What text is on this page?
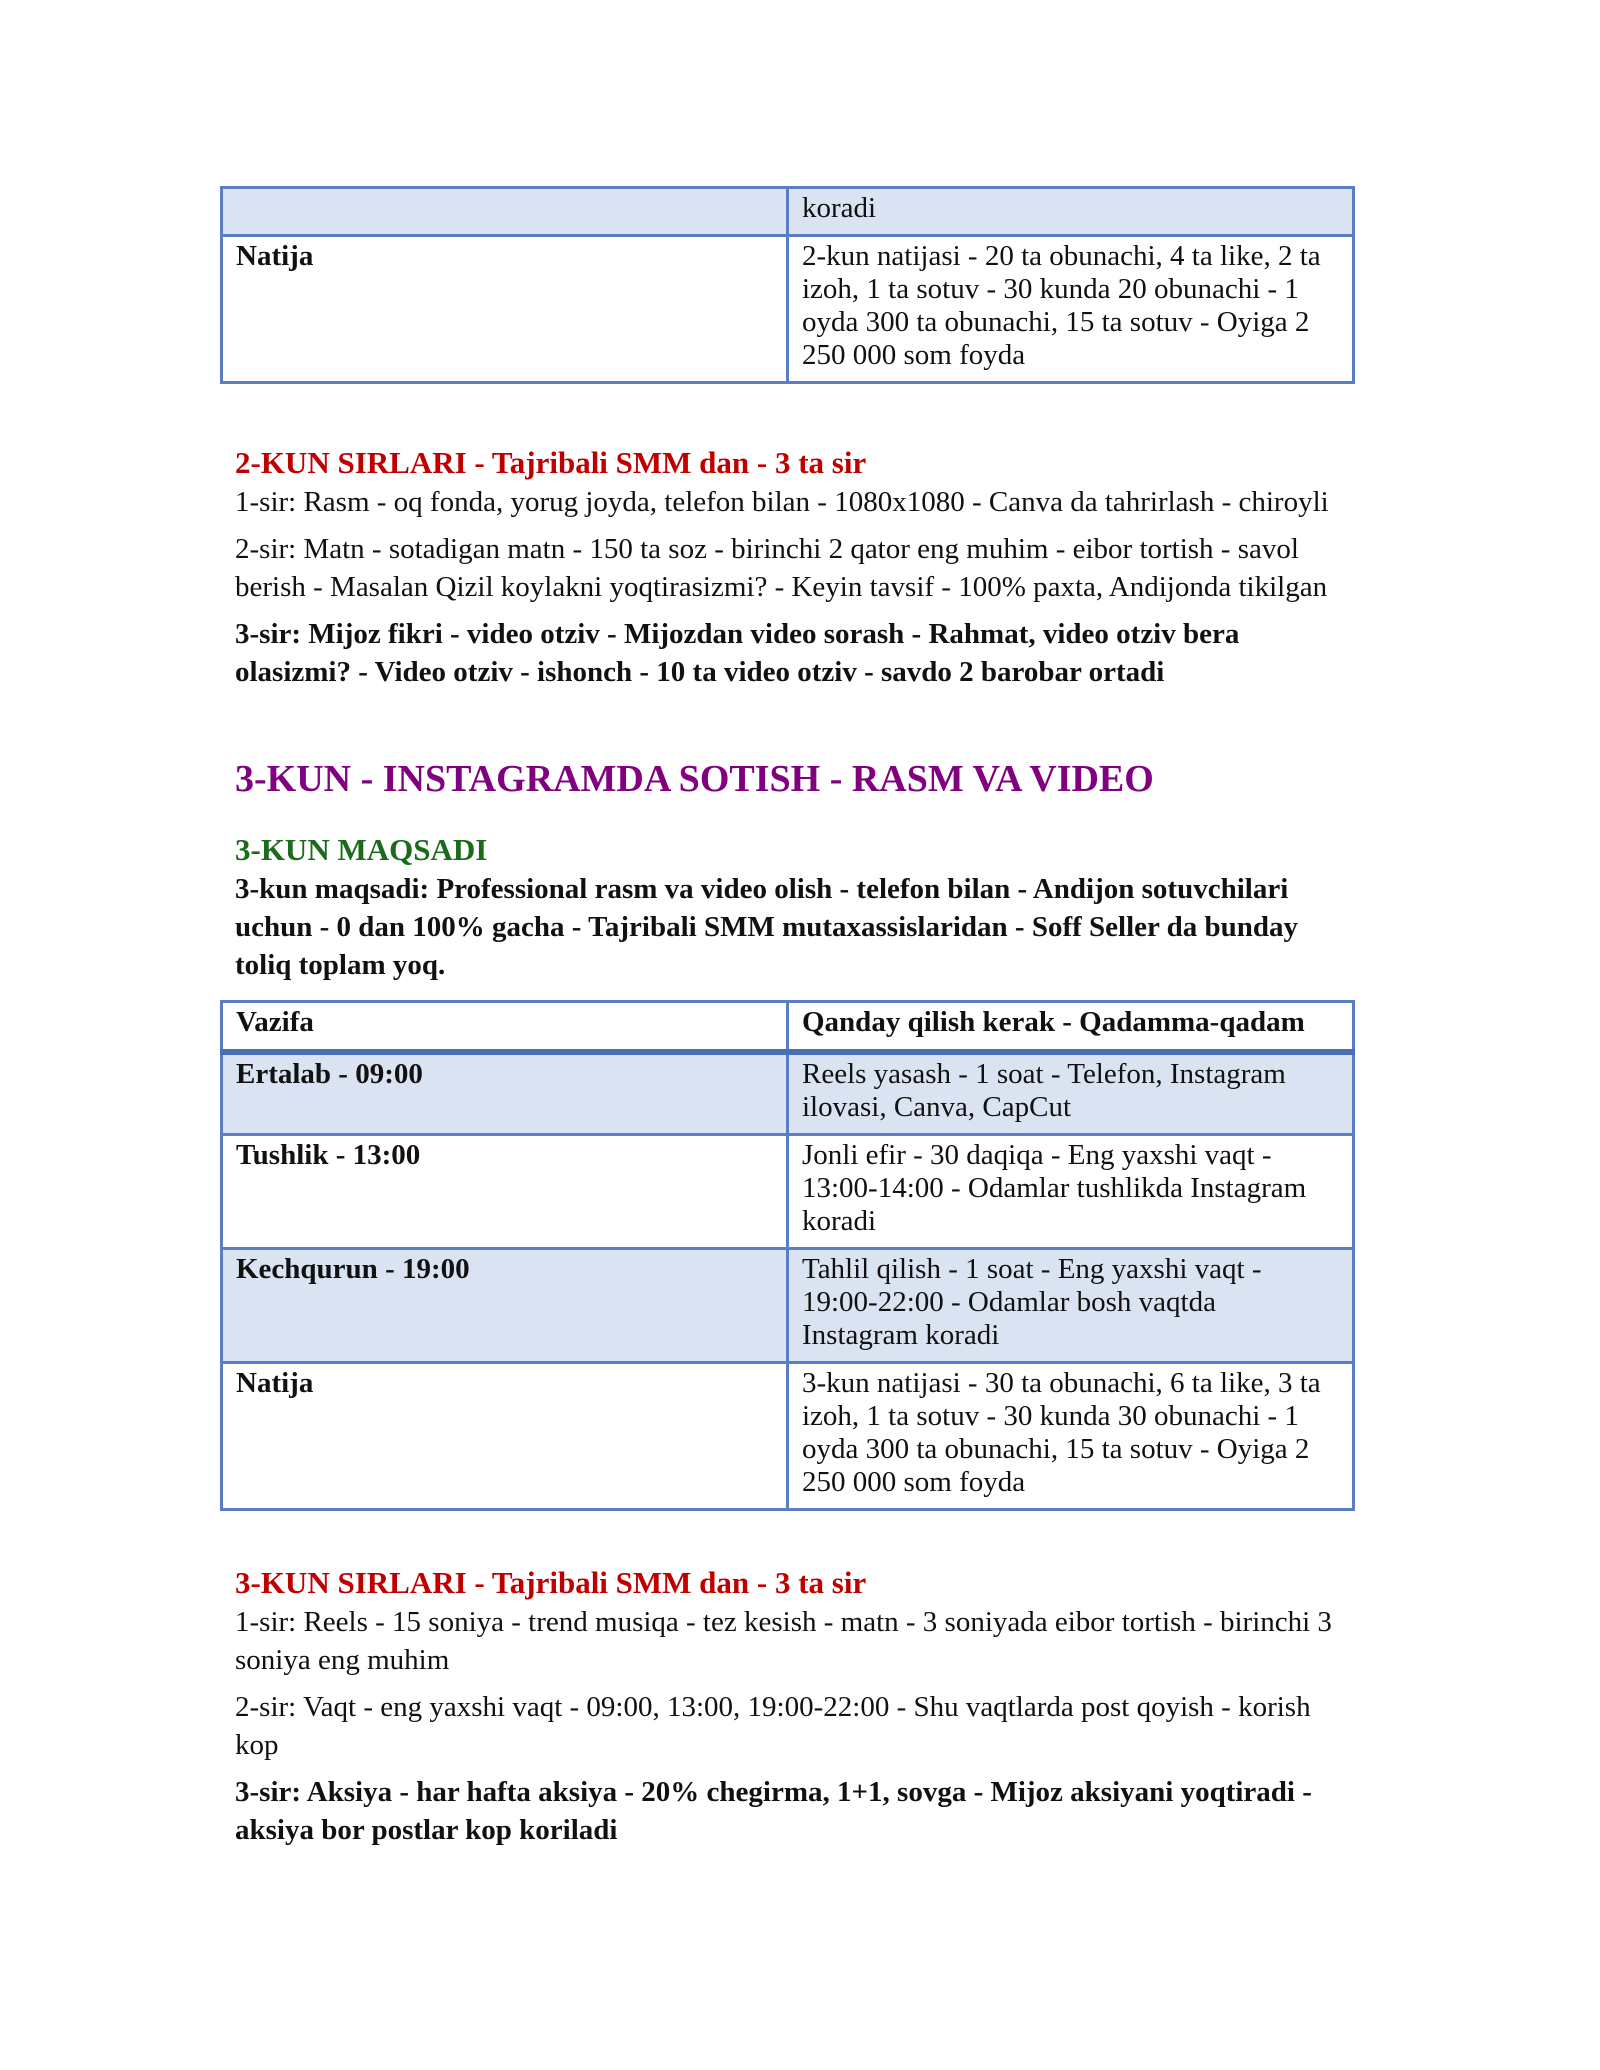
	koradi
Natija	2-kun natijasi - 20 ta obunachi, 4 ta like, 2 ta izoh, 1 ta sotuv - 30 kunda 20 obunachi - 1 oyda 300 ta obunachi, 15 ta sotuv - Oyiga 2 250 000 som foyda
2-KUN SIRLARI - Tajribali SMM dan - 3 ta sir

1-sir: Rasm - oq fonda, yorug joyda, telefon bilan - 1080x1080 - Canva da tahrirlash - chiroyli

2-sir: Matn - sotadigan matn - 150 ta soz - birinchi 2 qator eng muhim - eibor tortish - savol berish - Masalan Qizil koylakni yoqtirasizmi? - Keyin tavsif - 100% paxta, Andijonda tikilgan

3-sir: Mijoz fikri - video otziv - Mijozdan video sorash - Rahmat, video otziv bera olasizmi? - Video otziv - ishonch - 10 ta video otziv - savdo 2 barobar ortadi

3-KUN - INSTAGRAMDA SOTISH - RASM VA VIDEO
3-KUN MAQSADI

3-kun maqsadi: Professional rasm va video olish - telefon bilan - Andijon sotuvchilari uchun - 0 dan 100% gacha - Tajribali SMM mutaxassislaridan - Soff Seller da bunday toliq toplam yoq.

Vazifa	Qanday qilish kerak - Qadamma-qadam
Ertalab - 09:00	Reels yasash - 1 soat - Telefon, Instagram ilovasi, Canva, CapCut
Tushlik - 13:00	Jonli efir - 30 daqiqa - Eng yaxshi vaqt - 13:00-14:00 - Odamlar tushlikda Instagram koradi
Kechqurun - 19:00	Tahlil qilish - 1 soat - Eng yaxshi vaqt - 19:00-22:00 - Odamlar bosh vaqtda Instagram koradi
Natija	3-kun natijasi - 30 ta obunachi, 6 ta like, 3 ta izoh, 1 ta sotuv - 30 kunda 30 obunachi - 1 oyda 300 ta obunachi, 15 ta sotuv - Oyiga 2 250 000 som foyda
3-KUN SIRLARI - Tajribali SMM dan - 3 ta sir

1-sir: Reels - 15 soniya - trend musiqa - tez kesish - matn - 3 soniyada eibor tortish - birinchi 3 soniya eng muhim

2-sir: Vaqt - eng yaxshi vaqt - 09:00, 13:00, 19:00-22:00 - Shu vaqtlarda post qoyish - korish kop

3-sir: Aksiya - har hafta aksiya - 20% chegirma, 1+1, sovga - Mijoz aksiyani yoqtiradi - aksiya bor postlar kop koriladi
